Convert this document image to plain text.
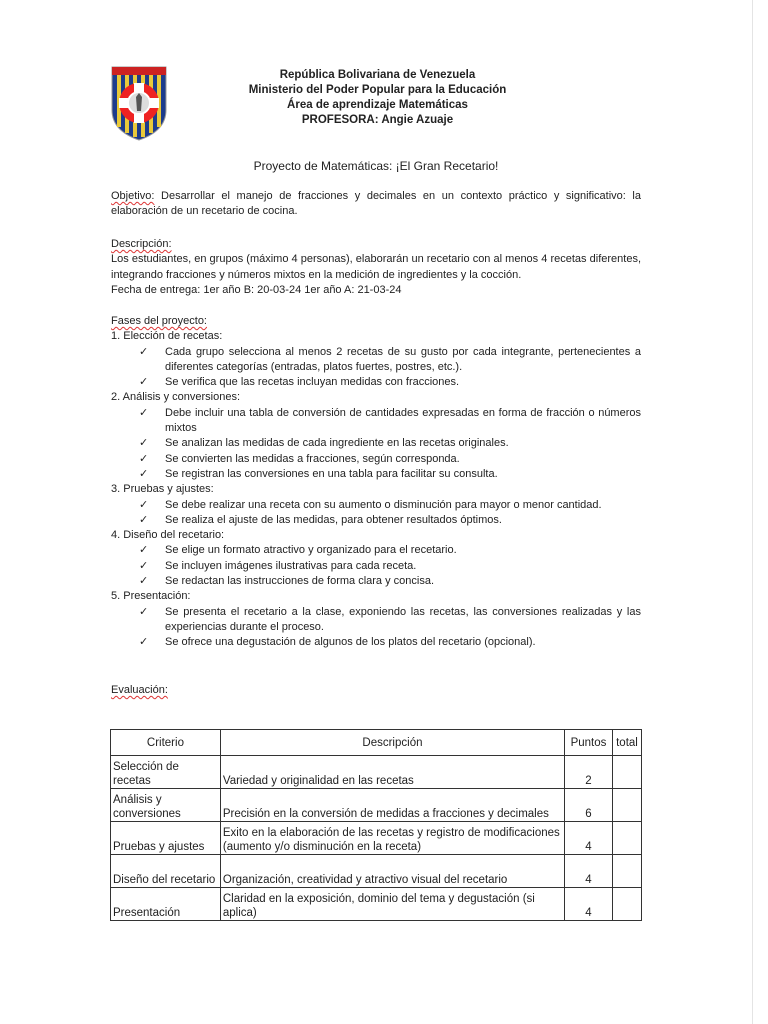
República Bolivariana de Venezuela
Ministerio del Poder Popular para la Educación
Área de aprendizaje Matemáticas
PROFESORA: Angie Azuaje
Proyecto de Matemáticas: ¡El Gran Recetario!

Objetivo: Desarrollar el manejo de fracciones y decimales en un contexto práctico y significativo: la elaboración de un recetario de cocina.

Descripción:

Los estudiantes, en grupos (máximo 4 personas), elaborarán un recetario con al menos 4 recetas diferentes, integrando fracciones y números mixtos en la medición de ingredientes y la cocción.

Fecha de entrega: 1er año B: 20-03-24 1er año A: 21-03-24

Fases del proyecto:

1. Elección de recetas:

✓	Cada grupo selecciona al menos 2 recetas de su gusto por cada integrante, pertenecientes a diferentes categorías (entradas, platos fuertes, postres, etc.).
✓	Se verifica que las recetas incluyan medidas con fracciones.

2. Análisis y conversiones:

✓	Debe incluir una tabla de conversión de cantidades expresadas en forma de fracción o números mixtos
✓	Se analizan las medidas de cada ingrediente en las recetas originales.
✓	Se convierten las medidas a fracciones, según corresponda.
✓	Se registran las conversiones en una tabla para facilitar su consulta.

3. Pruebas y ajustes:

✓	Se debe realizar una receta con su aumento o disminución para mayor o menor cantidad.
✓	Se realiza el ajuste de las medidas, para obtener resultados óptimos.

4. Diseño del recetario:

✓	Se elige un formato atractivo y organizado para el recetario.
✓	Se incluyen imágenes ilustrativas para cada receta.
✓	Se redactan las instrucciones de forma clara y concisa.

5. Presentación:

✓	Se presenta el recetario a la clase, exponiendo las recetas, las conversiones realizadas y las experiencias durante el proceso.
✓	Se ofrece una degustación de algunos de los platos del recetario (opcional).
Evaluación:
Criterio	Descripción	Puntos	total
Selección de recetas	Variedad y originalidad en las recetas	2	
Análisis y conversiones	Precisión en la conversión de medidas a fracciones y decimales	6	
Pruebas y ajustes	Exito en la elaboración de las recetas y registro de modificaciones (aumento y/o disminución en la receta)	4	
Diseño del recetario	Organización, creatividad y atractivo visual del recetario	4	
Presentación	Claridad en la exposición, dominio del tema y degustación (si aplica)	4	
